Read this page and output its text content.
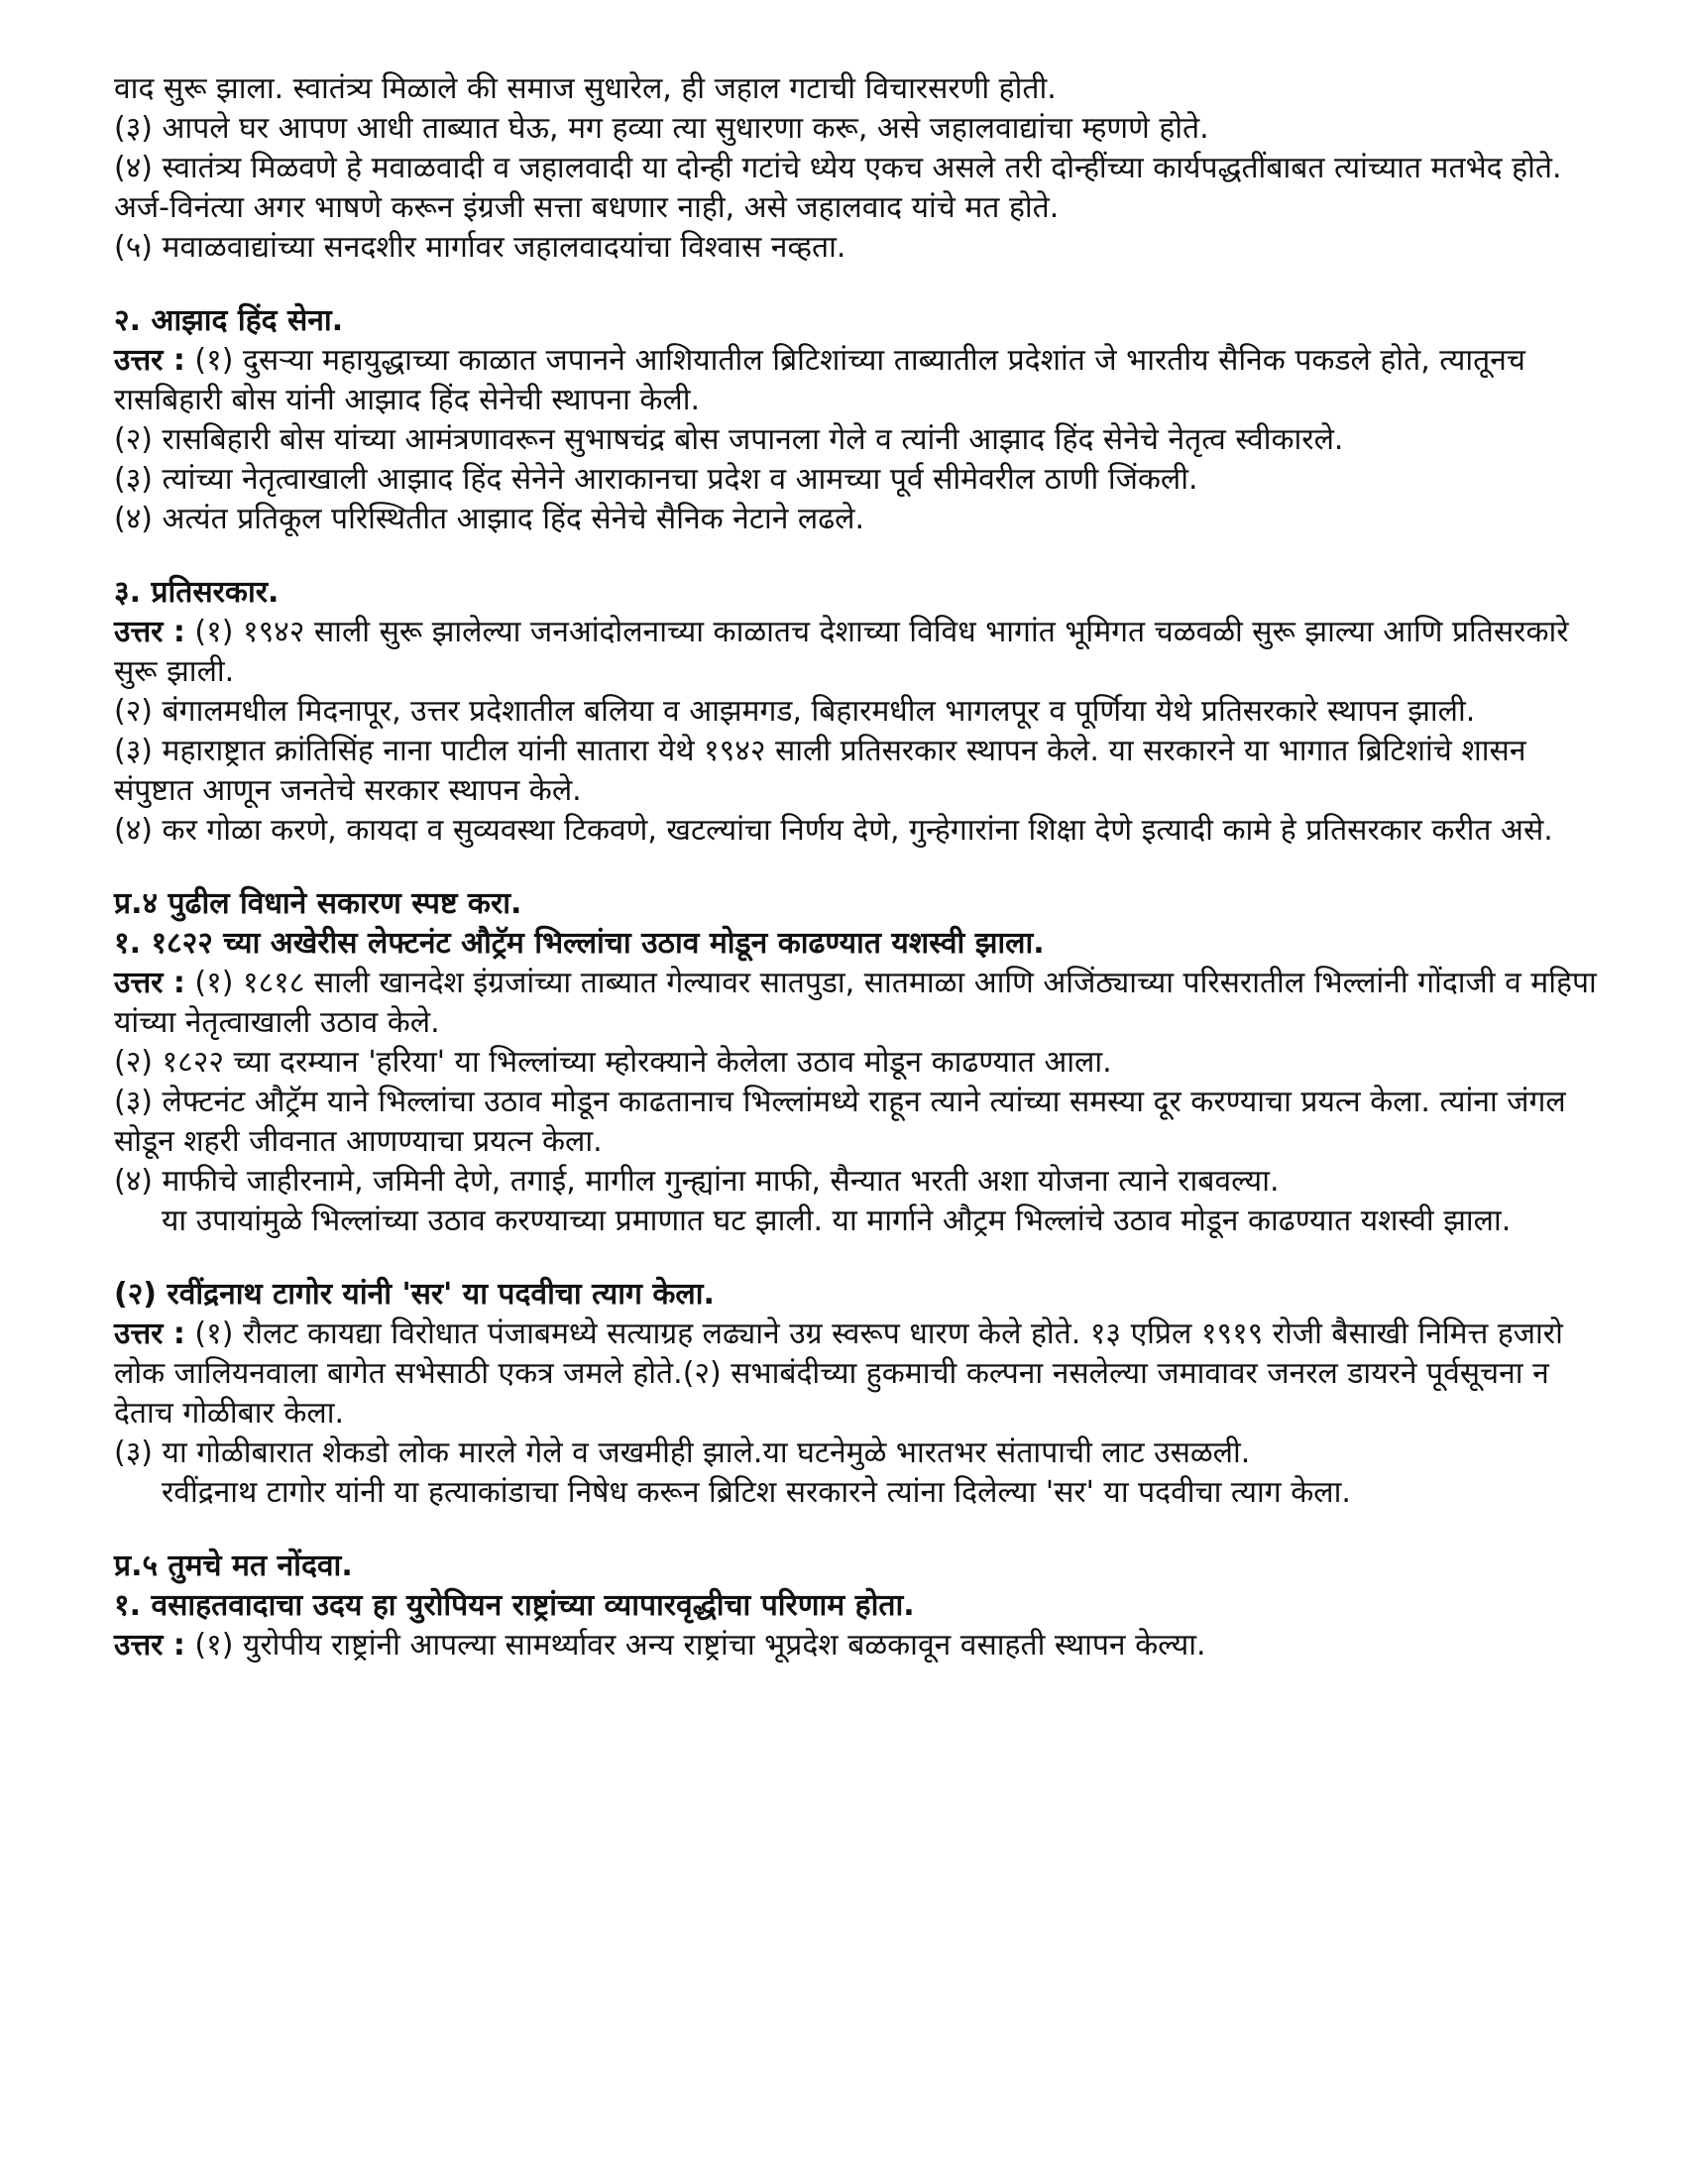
वाद सुरू झाला. स्वातंत्र्य मिळाले की समाज सुधारेल, ही जहाल गटाची विचारसरणी होती.

(३) आपले घर आपण आधी ताब्यात घेऊ, मग हव्या त्या सुधारणा करू, असे जहालवाद्यांचा म्हणणे होते.

(४) स्वातंत्र्य मिळवणे हे मवाळवादी व जहालवादी या दोन्ही गटांचे ध्येय एकच असले तरी दोन्हींच्या कार्यपद्धतींबाबत त्यांच्यात मतभेद होते. अर्ज-विनंत्या अगर भाषणे करून इंग्रजी सत्ता बधणार नाही, असे जहालवाद यांचे मत होते.

(५) मवाळवाद्यांच्या सनदशीर मार्गावर जहालवादयांचा विश्वास नव्हता.

२. आझाद हिंद सेना.

उत्तर : (१) दुसऱ्या महायुद्धाच्या काळात जपानने आशियातील ब्रिटिशांच्या ताब्यातील प्रदेशांत जे भारतीय सैनिक पकडले होते, त्यातूनच रासबिहारी बोस यांनी आझाद हिंद सेनेची स्थापना केली.

(२) रासबिहारी बोस यांच्या आमंत्रणावरून सुभाषचंद्र बोस जपानला गेले व त्यांनी आझाद हिंद सेनेचे नेतृत्व स्वीकारले.

(३) त्यांच्या नेतृत्वाखाली आझाद हिंद सेनेने आराकानचा प्रदेश व आमच्या पूर्व सीमेवरील ठाणी जिंकली.

(४) अत्यंत प्रतिकूल परिस्थितीत आझाद हिंद सेनेचे सैनिक नेटाने लढले.

३. प्रतिसरकार.

उत्तर : (१) १९४२ साली सुरू झालेल्या जनआंदोलनाच्या काळातच देशाच्या विविध भागांत भूमिगत चळवळी सुरू झाल्या आणि प्रतिसरकारे सुरू झाली.

(२) बंगालमधील मिदनापूर, उत्तर प्रदेशातील बलिया व आझमगड, बिहारमधील भागलपूर व पूर्णिया येथे प्रतिसरकारे स्थापन झाली.

(३) महाराष्ट्रात क्रांतिसिंह नाना पाटील यांनी सातारा येथे १९४२ साली प्रतिसरकार स्थापन केले. या सरकारने या भागात ब्रिटिशांचे शासन संपुष्टात आणून जनतेचे सरकार स्थापन केले.

(४) कर गोळा करणे, कायदा व सुव्यवस्था टिकवणे, खटल्यांचा निर्णय देणे, गुन्हेगारांना शिक्षा देणे इत्यादी कामे हे प्रतिसरकार करीत असे.

प्र.४ पुढील विधाने सकारण स्पष्ट करा.

१. १८२२ च्या अखेरीस लेफ्टनंट औट्रॅम भिल्लांचा उठाव मोडून काढण्यात यशस्वी झाला.

उत्तर : (१) १८१८ साली खानदेश इंग्रजांच्या ताब्यात गेल्यावर सातपुडा, सातमाळा आणि अजिंठ्याच्या परिसरातील भिल्लांनी गोंदाजी व महिपा यांच्या नेतृत्वाखाली उठाव केले.

(२) १८२२ च्या दरम्यान 'हरिया' या भिल्लांच्या म्होरक्याने केलेला उठाव मोडून काढण्यात आला.

(३) लेफ्टनंट औट्रॅम याने भिल्लांचा उठाव मोडून काढतानाच भिल्लांमध्ये राहून त्याने त्यांच्या समस्या दूर करण्याचा प्रयत्न केला. त्यांना जंगल सोडून शहरी जीवनात आणण्याचा प्रयत्न केला.

(४) माफीचे जाहीरनामे, जमिनी देणे, तगाई, मागील गुन्ह्यांना माफी, सैन्यात भरती अशा योजना त्याने राबवल्या.

या उपायांमुळे भिल्लांच्या उठाव करण्याच्या प्रमाणात घट झाली. या मार्गाने औट्रम भिल्लांचे उठाव मोडून काढण्यात यशस्वी झाला.

(२) रवींद्रनाथ टागोर यांनी 'सर' या पदवीचा त्याग केला.

उत्तर : (१) रौलट कायद्या विरोधात पंजाबमध्ये सत्याग्रह लढ्याने उग्र स्वरूप धारण केले होते. १३ एप्रिल १९१९ रोजी बैसाखी निमित्त हजारो लोक जालियनवाला बागेत सभेसाठी एकत्र जमले होते.(२) सभाबंदीच्या हुकमाची कल्पना नसलेल्या जमावावर जनरल डायरने पूर्वसूचना न देताच गोळीबार केला.

(३) या गोळीबारात शेकडो लोक मारले गेले व जखमीही झाले.या घटनेमुळे भारतभर संतापाची लाट उसळली.

रवींद्रनाथ टागोर यांनी या हत्याकांडाचा निषेध करून ब्रिटिश सरकारने त्यांना दिलेल्या 'सर' या पदवीचा त्याग केला.

प्र.५ तुमचे मत नोंदवा.

१. वसाहतवादाचा उदय हा युरोपियन राष्ट्रांच्या व्यापारवृद्धीचा परिणाम होता.

उत्तर : (१) युरोपीय राष्ट्रांनी आपल्या सामर्थ्यावर अन्य राष्ट्रांचा भूप्रदेश बळकावून वसाहती स्थापन केल्या.
